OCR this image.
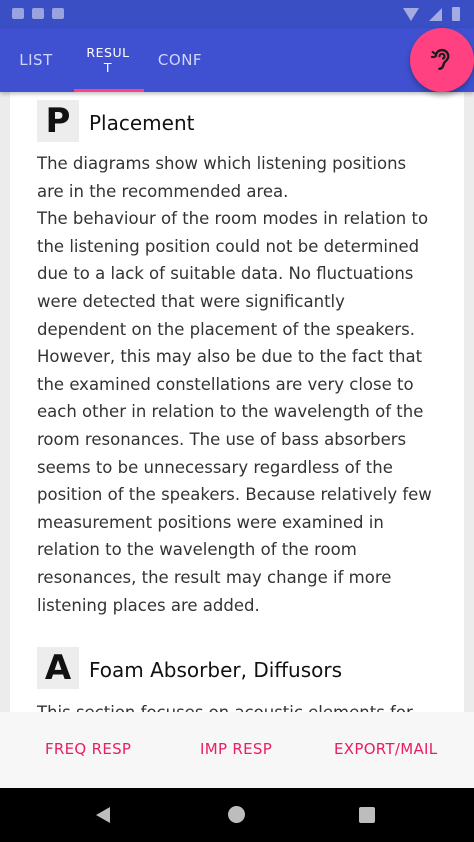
LIST	RESULT	CONF
P Placement
The diagrams show which listening positions are in the recommended area.
The behaviour of the room modes in relation to the listening position could not be determined due to a lack of suitable data. No fluctuations were detected that were significantly dependent on the placement of the speakers. However, this may also be due to the fact that the examined constellations are very close to each other in relation to the wavelength of the room resonances. The use of bass absorbers seems to be unnecessary regardless of the position of the speakers. Because relatively few measurement positions were examined in relation to the wavelength of the room resonances, the result may change if more listening places are added.
A Foam Absorber, Diffusors
FREQ RESP	IMP RESP	EXPORT/MAIL
